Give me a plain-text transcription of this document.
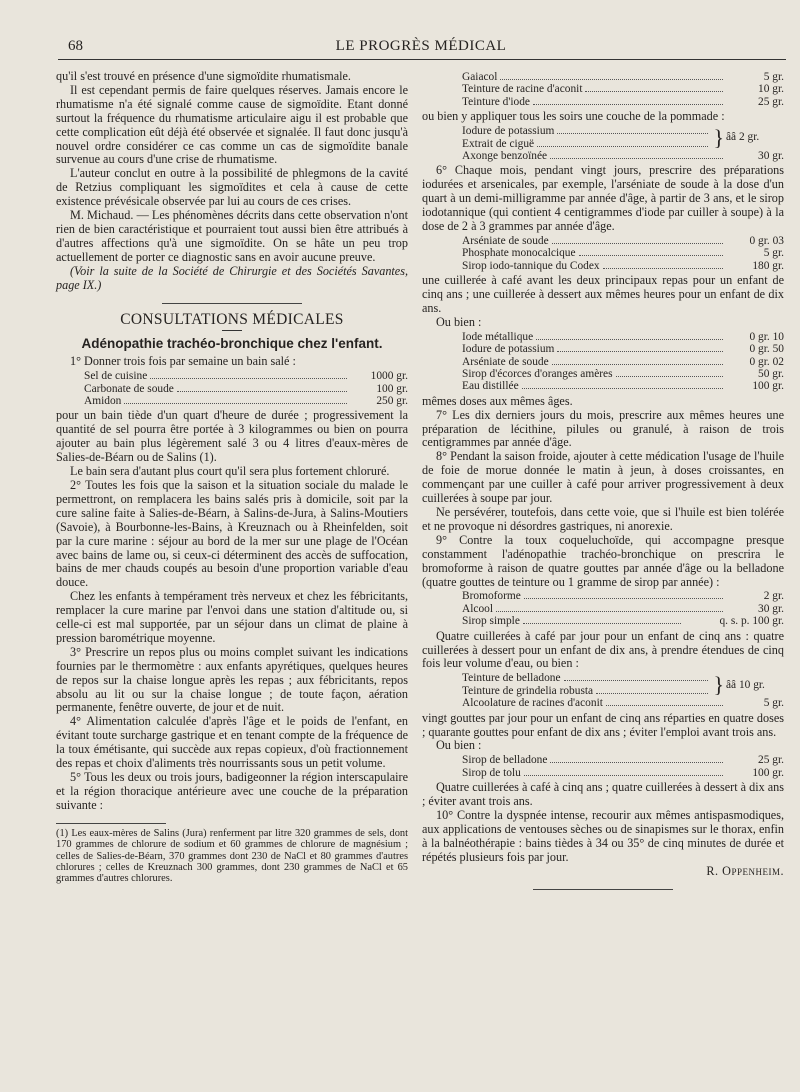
68	LE PROGRÈS MÉDICAL

qu'il s'est trouvé en présence d'une sigmoïdite rhumatismale.

Il est cependant permis de faire quelques réserves. Jamais encore le rhumatisme n'a été signalé comme cause de sigmoïdite. Etant donné surtout la fréquence du rhumatisme articulaire aigu il est probable que cette complication eût déjà été observée et signalée. Il faut donc jusqu'à nouvel ordre considérer ce cas comme un cas de sigmoïdite banale survenue au cours d'une crise de rhumatisme.

L'auteur conclut en outre à la possibilité de phlegmons de la cavité de Retzius compliquant les sigmoïdites et cela à cause de cette existence prévésicale observée par lui au cours de ces crises.

M. Michaud. — Les phénomènes décrits dans cette observation n'ont rien de bien caractéristique et pourraient tout aussi bien être attribués à d'autres affections qu'à une sigmoïdite. On se hâte un peu trop actuellement de porter ce diagnostic sans en avoir aucune preuve.

(Voir la suite de la Société de Chirurgie et des Sociétés Savantes, page IX.)

CONSULTATIONS MÉDICALES
Adénopathie trachéo-bronchique chez l'enfant.

1° Donner trois fois par semaine un bain salé :

Sel de cuisine	1000 gr.
Carbonate de soude	100 gr.
Amidon	250 gr.

pour un bain tiède d'un quart d'heure de durée ; progressivement la quantité de sel pourra être portée à 3 kilogrammes ou bien on pourra ajouter au bain plus légèrement salé 3 ou 4 litres d'eaux-mères de Salies-de-Béarn ou de Salins (1).

Le bain sera d'autant plus court qu'il sera plus fortement chloruré.

2° Toutes les fois que la saison et la situation sociale du malade le permettront, on remplacera les bains salés pris à domicile, soit par la cure saline faite à Salies-de-Béarn, à Salins-de-Jura, à Salins-Moutiers (Savoie), à Bourbonne-les-Bains, à Kreuznach ou à Rheinfelden, soit par la cure marine : séjour au bord de la mer sur une plage de l'Océan avec bains de lame ou, si ceux-ci déterminent des accès de suffocation, bains de mer chauds coupés au besoin d'une proportion variable d'eau douce.

Chez les enfants à tempérament très nerveux et chez les fébricitants, remplacer la cure marine par l'envoi dans une station d'altitude ou, si celle-ci est mal supportée, par un séjour dans un climat de plaine à pression barométrique moyenne.

3° Prescrire un repos plus ou moins complet suivant les indications fournies par le thermomètre : aux enfants apyrétiques, quelques heures de repos sur la chaise longue après les repas ; aux fébricitants, repos absolu au lit ou sur la chaise longue ; de toute façon, aération permanente, fenêtre ouverte, de jour et de nuit.

4° Alimentation calculée d'après l'âge et le poids de l'enfant, en évitant toute surcharge gastrique et en tenant compte de la fréquence de la toux émétisante, qui succède aux repas copieux, d'où fractionnement des repas et choix d'aliments très nourrissants sous un petit volume.

5° Tous les deux ou trois jours, badigeonner la région interscapulaire et la région thoracique antérieure avec une couche de la préparation suivante :

(1) Les eaux-mères de Salins (Jura) renferment par litre 320 grammes de sels, dont 170 grammes de chlorure de sodium et 60 grammes de chlorure de magnésium ; celles de Salies-de-Béarn, 370 grammes dont 230 de NaCl et 80 grammes d'autres chlorures ; celles de Kreuznach 300 grammes, dont 230 grammes de NaCl et 65 grammes d'autres chlorures.
Gaiacol	5 gr.
Teinture de racine d'aconit	10 gr.
Teinture d'iode	25 gr.

ou bien y appliquer tous les soirs une couche de la pommade :

Iodure de potassium
Extrait de ciguë	} ââ 2 gr.
Axonge benzoïnée	30 gr.

6° Chaque mois, pendant vingt jours, prescrire des préparations iodurées et arsenicales, par exemple, l'arséniate de soude à la dose d'un quart à un demi-milligramme par année d'âge, à partir de 3 ans, et le sirop iodotannique (qui contient 4 centigrammes d'iode par cuiller à soupe) à la dose de 2 à 3 grammes par année d'âge.

Arséniate de soude	0 gr. 03
Phosphate monocalcique	5 gr.
Sirop iodo-tannique du Codex	180 gr.

une cuillerée à café avant les deux principaux repas pour un enfant de cinq ans ; une cuillerée à dessert aux mêmes heures pour un enfant de dix ans.

Ou bien :

Iode métallique	0 gr. 10
Iodure de potassium	0 gr. 50
Arséniate de soude	0 gr. 02
Sirop d'écorces d'oranges amères	50 gr.
Eau distillée	100 gr.

mêmes doses aux mêmes âges.

7° Les dix derniers jours du mois, prescrire aux mêmes heures une préparation de lécithine, pilules ou granulé, à raison de trois centigrammes par année d'âge.

8° Pendant la saison froide, ajouter à cette médication l'usage de l'huile de foie de morue donnée le matin à jeun, à doses croissantes, en commençant par une cuiller à café pour arriver progressivement à deux cuillerées à soupe par jour.

Ne persévérer, toutefois, dans cette voie, que si l'huile est bien tolérée et ne provoque ni désordres gastriques, ni anorexie.

9° Contre la toux coqueluchoïde, qui accompagne presque constamment l'adénopathie trachéo-bronchique on prescrira le bromoforme à raison de quatre gouttes par année d'âge ou la belladone (quatre gouttes de teinture ou 1 gramme de sirop par année) :

Bromoforme	2 gr.
Alcool	30 gr.
Sirop simple	q. s. p. 100 gr.

Quatre cuillerées à café par jour pour un enfant de cinq ans : quatre cuillerées à dessert pour un enfant de dix ans, à prendre étendues de cinq fois leur volume d'eau, ou bien :

Teinture de belladone
Teinture de grindelia robusta	} ââ 10 gr.
Alcoolature de racines d'aconit	5 gr.

vingt gouttes par jour pour un enfant de cinq ans réparties en quatre doses ; quarante gouttes pour enfant de dix ans ; éviter l'emploi avant trois ans.

Ou bien :

Sirop de belladone	25 gr.
Sirop de tolu	100 gr.

Quatre cuillerées à café à cinq ans ; quatre cuillerées à dessert à dix ans ; éviter avant trois ans.

10° Contre la dyspnée intense, recourir aux mêmes antispasmodiques, aux applications de ventouses sèches ou de sinapismes sur le thorax, enfin à la balnéothérapie : bains tièdes à 34 ou 35° de cinq minutes de durée et répétés plusieurs fois par jour.

R. Oppenheim.
